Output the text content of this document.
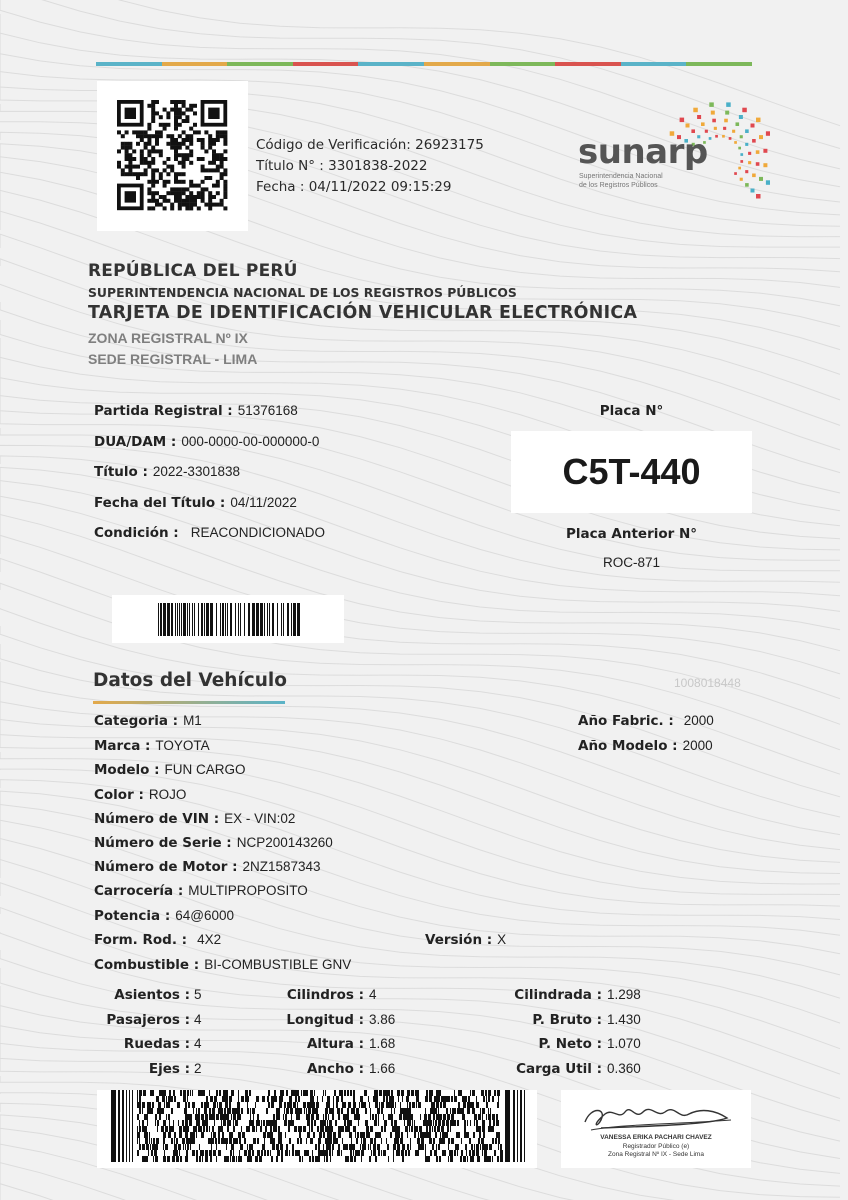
Código de Verificación: 26923175
Título N° : 3301838-2022
Fecha : 04/11/2022 09:15:29
sunarp
Superintendencia Nacional
de los Registros Públicos
REPÚBLICA DEL PERÚ
SUPERINTENDENCIA NACIONAL DE LOS REGISTROS PÚBLICOS
TARJETA DE IDENTIFICACIÓN VEHICULAR ELECTRÓNICA
ZONA REGISTRAL Nº IX
SEDE REGISTRAL - LIMA
Partida Registral : 51376168
DUA/DAM : 000-0000-00-000000-0
Título : 2022-3301838
Fecha del Título : 04/11/2022
Condición : REACONDICIONADO
Placa N°
C5T-440
Placa Anterior N°
ROC-871
Datos del Vehículo	1008018448
Categoria : M1
Marca : TOYOTA
Modelo : FUN CARGO
Color : ROJO
Número de VIN : EX - VIN:02
Número de Serie : NCP200143260
Número de Motor : 2NZ1587343
Carrocería : MULTIPROPOSITO
Potencia : 64@6000
Form. Rod. : 4X2	Versión : X
Combustible : BI-COMBUSTIBLE GNV
Año Fabric. : 2000
Año Modelo : 2000
Asientos :
Pasajeros :
Ruedas :
Ejes :
5
4
4
2
Cilindros :
Longitud :
Altura :
Ancho :
4
3.86
1.68
1.66
Cilindrada :
P. Bruto :
P. Neto :
Carga Util :
1.298
1.430
1.070
0.360
VANESSA ERIKA PACHARI CHAVEZ
Registrador Público (e)
Zona Registral Nº IX - Sede Lima
